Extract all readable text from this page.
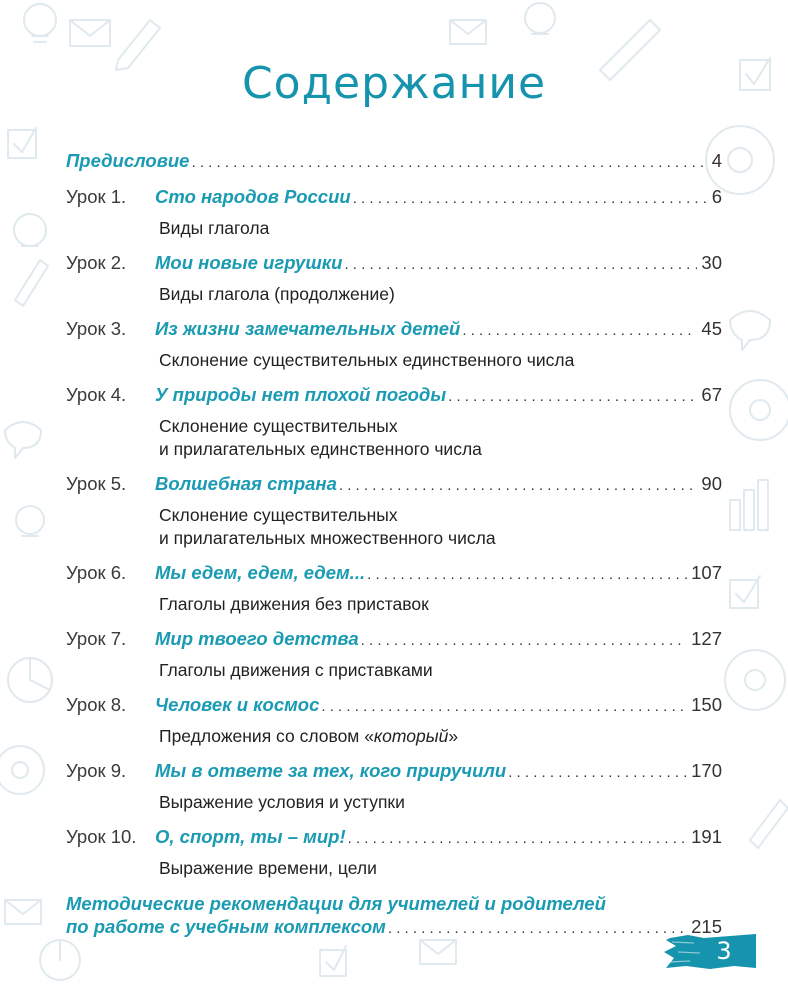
Содержание
Предисловие . . .	4
Урок 1.	Сто народов России . . .	6
Виды глагола
Урок 2.	Мои новые игрушки . . .	30
Виды глагола (продолжение)
Урок 3.	Из жизни замечательных детей . . .	45
Склонение существительных единственного числа
Урок 4.	У природы нет плохой погоды . . .	67
Склонение существительных
и прилагательных единственного числа
Урок 5.	Волшебная страна . . .	90
Склонение существительных
и прилагательных множественного числа
Урок 6.	Мы едем, едем, едем... . . .	107
Глаголы движения без приставок
Урок 7.	Мир твоего детства . . .	127
Глаголы движения с приставками
Урок 8.	Человек и космос . . .	150
Предложения со словом «который»
Урок 9.	Мы в ответе за тех, кого приручили . . .	170
Выражение условия и уступки
Урок 10.	О, спорт, ты – мир! . . .	191
Выражение времени, цели
Методические рекомендации для учителей и родителей
по работе с учебным комплексом . . .	215
3
